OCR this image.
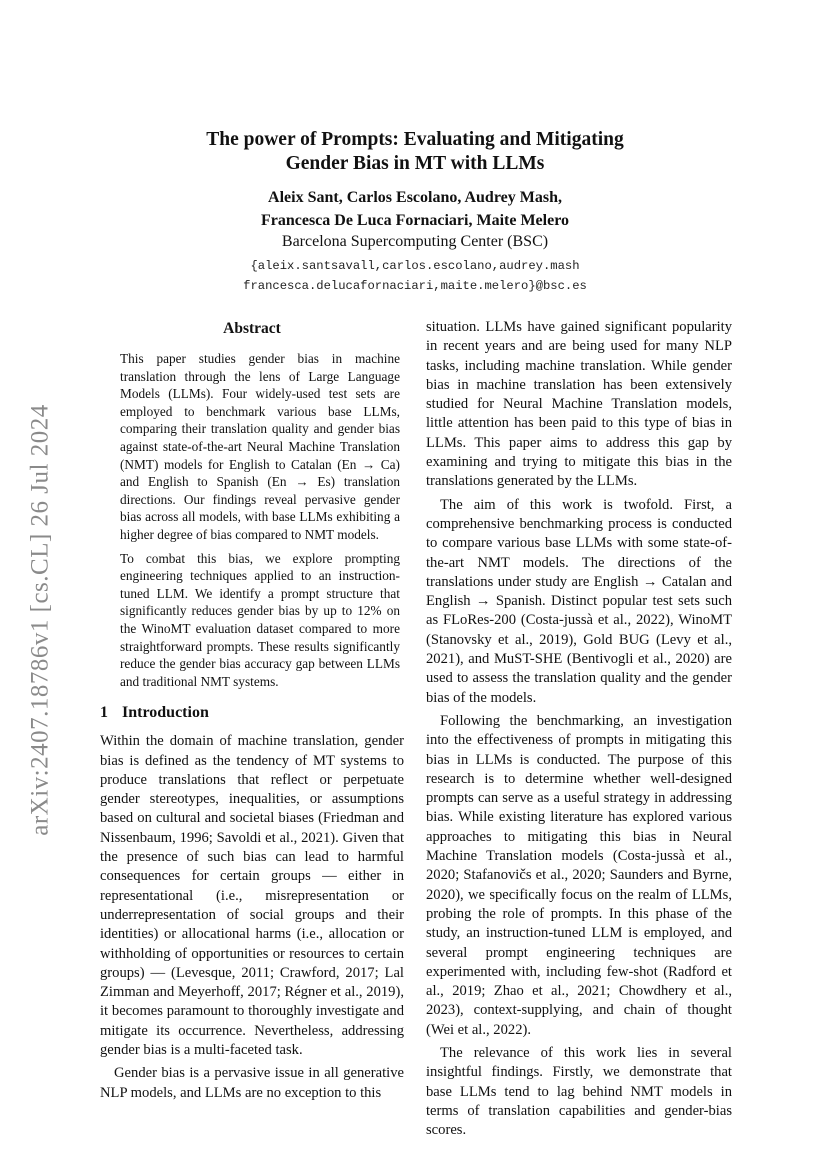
arXiv:2407.18786v1 [cs.CL] 26 Jul 2024
The power of Prompts: Evaluating and Mitigating
Gender Bias in MT with LLMs
Aleix Sant, Carlos Escolano, Audrey Mash,
Francesca De Luca Fornaciari, Maite Melero
Barcelona Supercomputing Center (BSC)
{aleix.santsavall,carlos.escolano,audrey.mash
francesca.delucafornaciari,maite.melero}@bsc.es
Abstract

This paper studies gender bias in machine translation through the lens of Large Language Models (LLMs). Four widely-used test sets are employed to benchmark various base LLMs, comparing their translation quality and gender bias against state-of-the-art Neural Machine Translation (NMT) models for English to Catalan (En → Ca) and English to Spanish (En → Es) translation directions. Our findings reveal pervasive gender bias across all models, with base LLMs exhibiting a higher degree of bias compared to NMT models.

To combat this bias, we explore prompting engineering techniques applied to an instruction-tuned LLM. We identify a prompt structure that significantly reduces gender bias by up to 12% on the WinoMT evaluation dataset compared to more straightforward prompts. These results significantly reduce the gender bias accuracy gap between LLMs and traditional NMT systems.

1 Introduction

Within the domain of machine translation, gender bias is defined as the tendency of MT systems to produce translations that reflect or perpetuate gender stereotypes, inequalities, or assumptions based on cultural and societal biases (Friedman and Nissenbaum, 1996; Savoldi et al., 2021). Given that the presence of such bias can lead to harmful consequences for certain groups — either in representational (i.e., misrepresentation or underrepresentation of social groups and their identities) or allocational harms (i.e., allocation or withholding of opportunities or resources to certain groups) — (Levesque, 2011; Crawford, 2017; Lal Zimman and Meyerhoff, 2017; Régner et al., 2019), it becomes paramount to thoroughly investigate and mitigate its occurrence. Nevertheless, addressing gender bias is a multi-faceted task.

Gender bias is a pervasive issue in all generative NLP models, and LLMs are no exception to this

situation. LLMs have gained significant popularity in recent years and are being used for many NLP tasks, including machine translation. While gender bias in machine translation has been extensively studied for Neural Machine Translation models, little attention has been paid to this type of bias in LLMs. This paper aims to address this gap by examining and trying to mitigate this bias in the translations generated by the LLMs.

The aim of this work is twofold. First, a comprehensive benchmarking process is conducted to compare various base LLMs with some state-of-the-art NMT models. The directions of the translations under study are English → Catalan and English → Spanish. Distinct popular test sets such as FLoRes-200 (Costa-jussà et al., 2022), WinoMT (Stanovsky et al., 2019), Gold BUG (Levy et al., 2021), and MuST-SHE (Bentivogli et al., 2020) are used to assess the translation quality and the gender bias of the models.

Following the benchmarking, an investigation into the effectiveness of prompts in mitigating this bias in LLMs is conducted. The purpose of this research is to determine whether well-designed prompts can serve as a useful strategy in addressing bias. While existing literature has explored various approaches to mitigating this bias in Neural Machine Translation models (Costa-jussà et al., 2020; Stafanovičs et al., 2020; Saunders and Byrne, 2020), we specifically focus on the realm of LLMs, probing the role of prompts. In this phase of the study, an instruction-tuned LLM is employed, and several prompt engineering techniques are experimented with, including few-shot (Radford et al., 2019; Zhao et al., 2021; Chowdhery et al., 2023), context-supplying, and chain of thought (Wei et al., 2022).

The relevance of this work lies in several insightful findings. Firstly, we demonstrate that base LLMs tend to lag behind NMT models in terms of translation capabilities and gender-bias scores.
